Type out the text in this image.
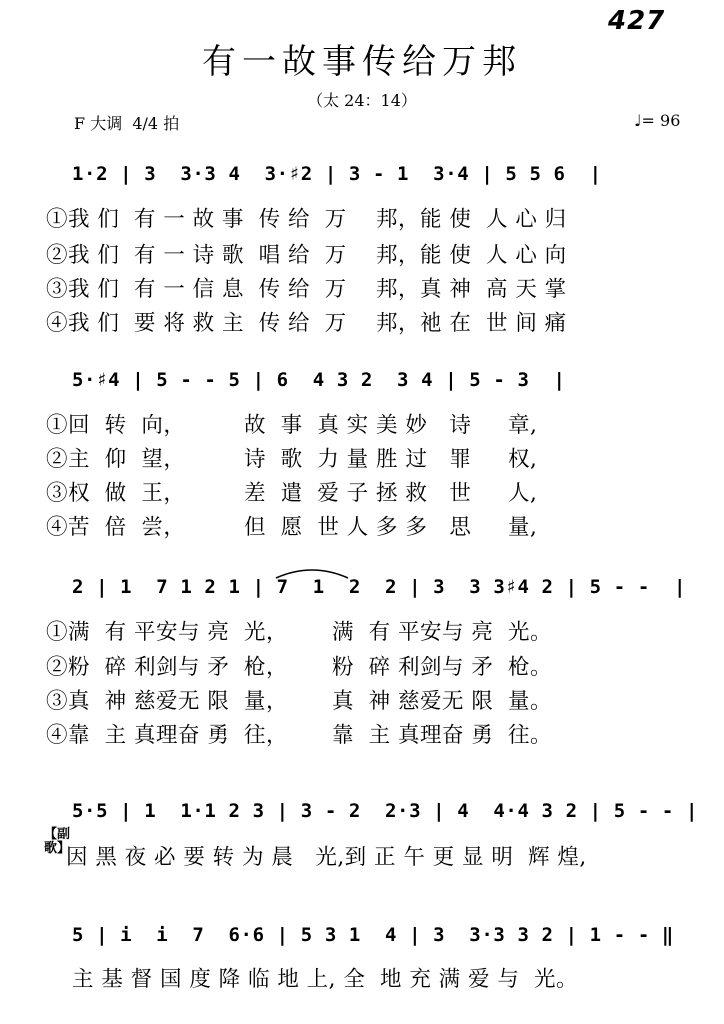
427
有一故事传给万邦
（太 24：14）
F 大调  4/4 拍	♩= 96
1·2 | 3  3·3 4  3·♯2 | 3 - 1  3·4 | 5 5 6  |
①我 们  有 一 故 事  传 给  万    邦，能 使  人 心 归
②我 们  有 一 诗 歌  唱 给  万    邦，能 使  人 心 向
③我 们  有 一 信 息  传 给  万    邦，真 神  高 天 掌
④我 们  要 将 救 主  传 给  万    邦，祂 在  世 间 痛
5·♯4 | 5 - - 5 | 6  4 3 2  3 4 | 5 - 3  |
①回  转  向，        故  事  真 实 美 妙   诗     章,
②主  仰  望，        诗  歌  力 量 胜 过   罪     权,
③权  做  王，        差  遣  爱 子 拯 救   世     人,
④苦  倍  尝，        但  愿  世 人 多 多   思     量,
2 | 1  7 1 2 1 | 7  1  2  2 | 3  3 3♯4 2 | 5 - -  |
①满  有 平安与 亮  光，      满  有 平安与 亮  光。
②粉  碎 利剑与 矛  枪，      粉  碎 利剑与 矛  枪。
③真  神 慈爱无 限  量，      真  神 慈爱无 限  量。
④靠  主 真理奋 勇  往，      靠  主 真理奋 勇  往。
5·5 | 1  1·1 2 3 | 3 - 2  2·3 | 4  4·4 3 2 | 5 - - |
【副歌】
因 黑 夜 必 要 转 为 晨   光,到 正 午 更 显 明  辉 煌,
5 | i  i  7  6·6 | 5 3 1  4 | 3  3·3 3 2 | 1 - - ‖
主 基 督 国 度 降 临 地 上, 全  地 充 满 爱 与  光。
